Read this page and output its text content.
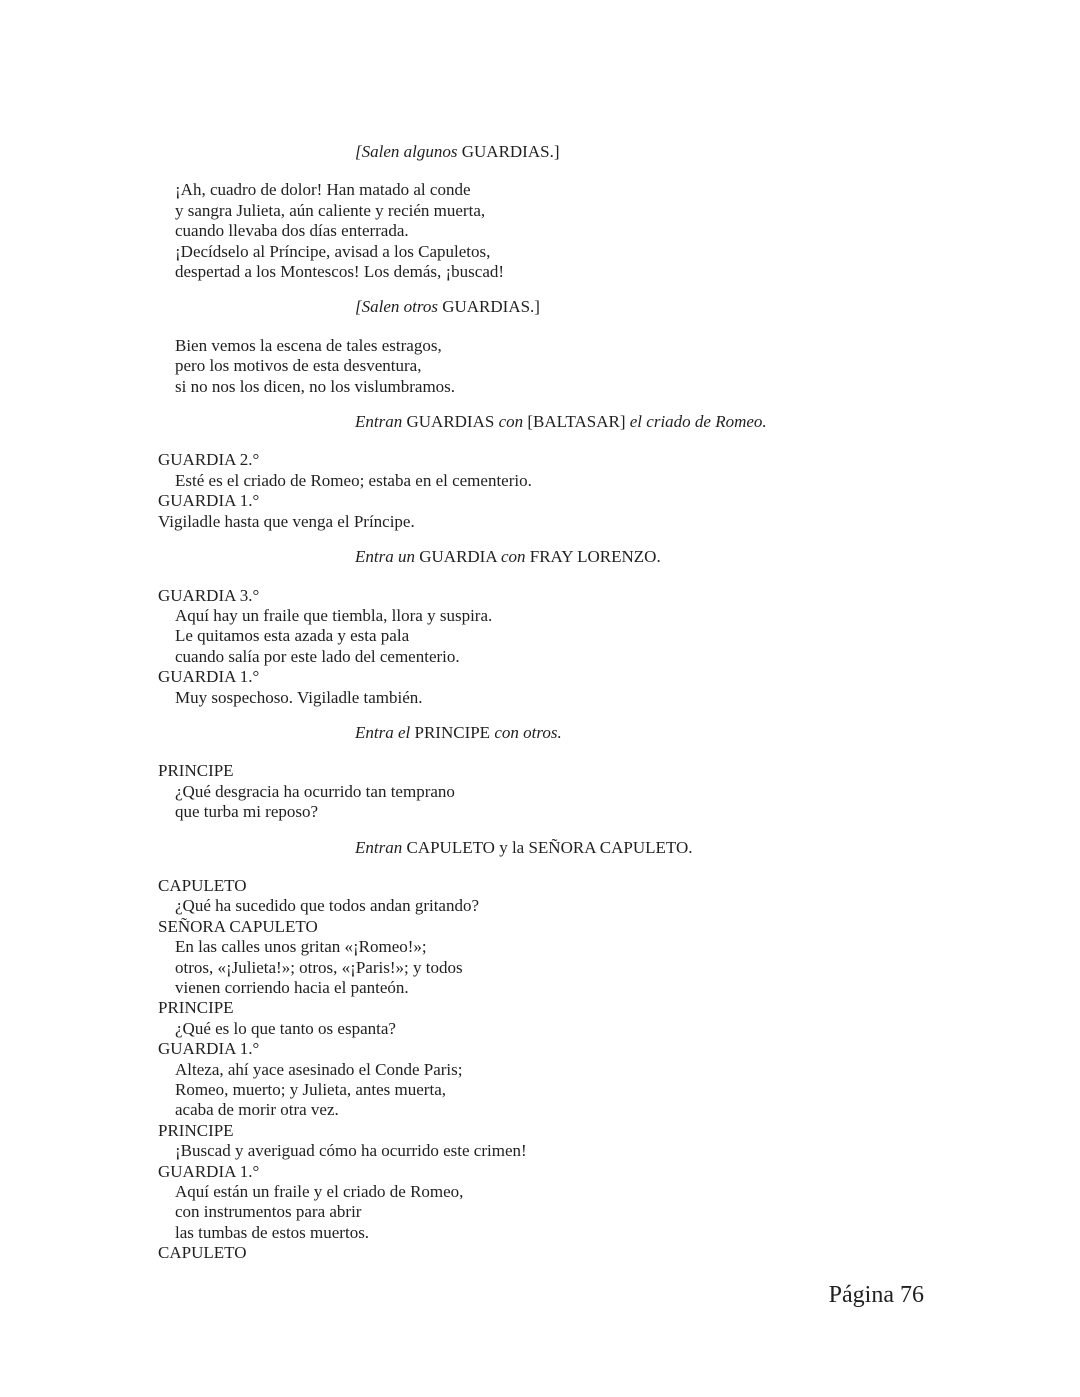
[Salen algunos GUARDIAS.]
¡Ah, cuadro de dolor! Han matado al conde
y sangra Julieta, aún caliente y recién muerta,
cuando llevaba dos días enterrada.
¡Decídselo al Príncipe, avisad a los Capuletos,
despertad a los Montescos! Los demás, ¡buscad!
[Salen otros GUARDIAS.]
Bien vemos la escena de tales estragos,
pero los motivos de esta desventura,
si no nos los dicen, no los vislumbramos.
Entran GUARDIAS con [BALTASAR] el criado de Romeo.
GUARDIA 2.°
Esté es el criado de Romeo; estaba en el cementerio.
GUARDIA 1.°
Vigiladle hasta que venga el Príncipe.
Entra un GUARDIA con FRAY LORENZO.
GUARDIA 3.°
Aquí hay un fraile que tiembla, llora y suspira.
Le quitamos esta azada y esta pala
cuando salía por este lado del cementerio.
GUARDIA 1.°
Muy sospechoso. Vigiladle también.
Entra el PRINCIPE con otros.
PRINCIPE
¿Qué desgracia ha ocurrido tan temprano
que turba mi reposo?
Entran CAPULETO y la SEÑORA CAPULETO.
CAPULETO
¿Qué ha sucedido que todos andan gritando?
SEÑORA CAPULETO
En las calles unos gritan «¡Romeo!»;
otros, «¡Julieta!»; otros, «¡Paris!»; y todos
vienen corriendo hacia el panteón.
PRINCIPE
¿Qué es lo que tanto os espanta?
GUARDIA 1.°
Alteza, ahí yace asesinado el Conde Paris;
Romeo, muerto; y Julieta, antes muerta,
acaba de morir otra vez.
PRINCIPE
¡Buscad y averiguad cómo ha ocurrido este crimen!
GUARDIA 1.°
Aquí están un fraile y el criado de Romeo,
con instrumentos para abrir
las tumbas de estos muertos.
CAPULETO
Página 76
